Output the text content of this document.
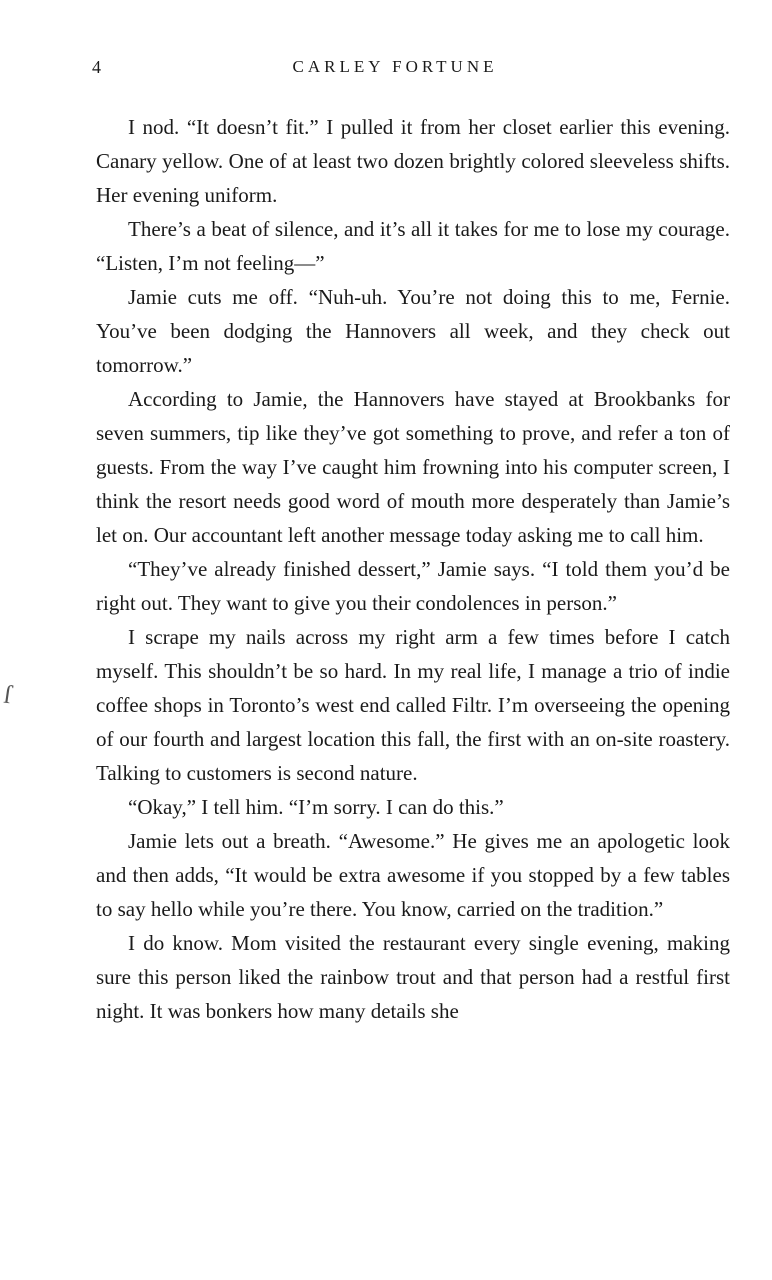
4	CARLEY FORTUNE
ſ

I nod. “It doesn’t fit.” I pulled it from her closet earlier this evening. Canary yellow. One of at least two dozen brightly colored sleeveless shifts. Her evening uniform.

There’s a beat of silence, and it’s all it takes for me to lose my courage. “Listen, I’m not feeling—”

Jamie cuts me off. “Nuh-uh. You’re not doing this to me, Fernie. You’ve been dodging the Hannovers all week, and they check out tomorrow.”

According to Jamie, the Hannovers have stayed at Brookbanks for seven summers, tip like they’ve got something to prove, and refer a ton of guests. From the way I’ve caught him frowning into his computer screen, I think the resort needs good word of mouth more desperately than Jamie’s let on. Our accountant left another message today asking me to call him.

“They’ve already finished dessert,” Jamie says. “I told them you’d be right out. They want to give you their condolences in person.”

I scrape my nails across my right arm a few times before I catch myself. This shouldn’t be so hard. In my real life, I manage a trio of indie coffee shops in Toronto’s west end called Filtr. I’m overseeing the opening of our fourth and largest location this fall, the first with an on-site roastery. Talking to customers is second nature.

“Okay,” I tell him. “I’m sorry. I can do this.”

Jamie lets out a breath. “Awesome.” He gives me an apologetic look and then adds, “It would be extra awesome if you stopped by a few tables to say hello while you’re there. You know, carried on the tradition.”

I do know. Mom visited the restaurant every single evening, making sure this person liked the rainbow trout and that person had a restful first night. It was bonkers how many details she
